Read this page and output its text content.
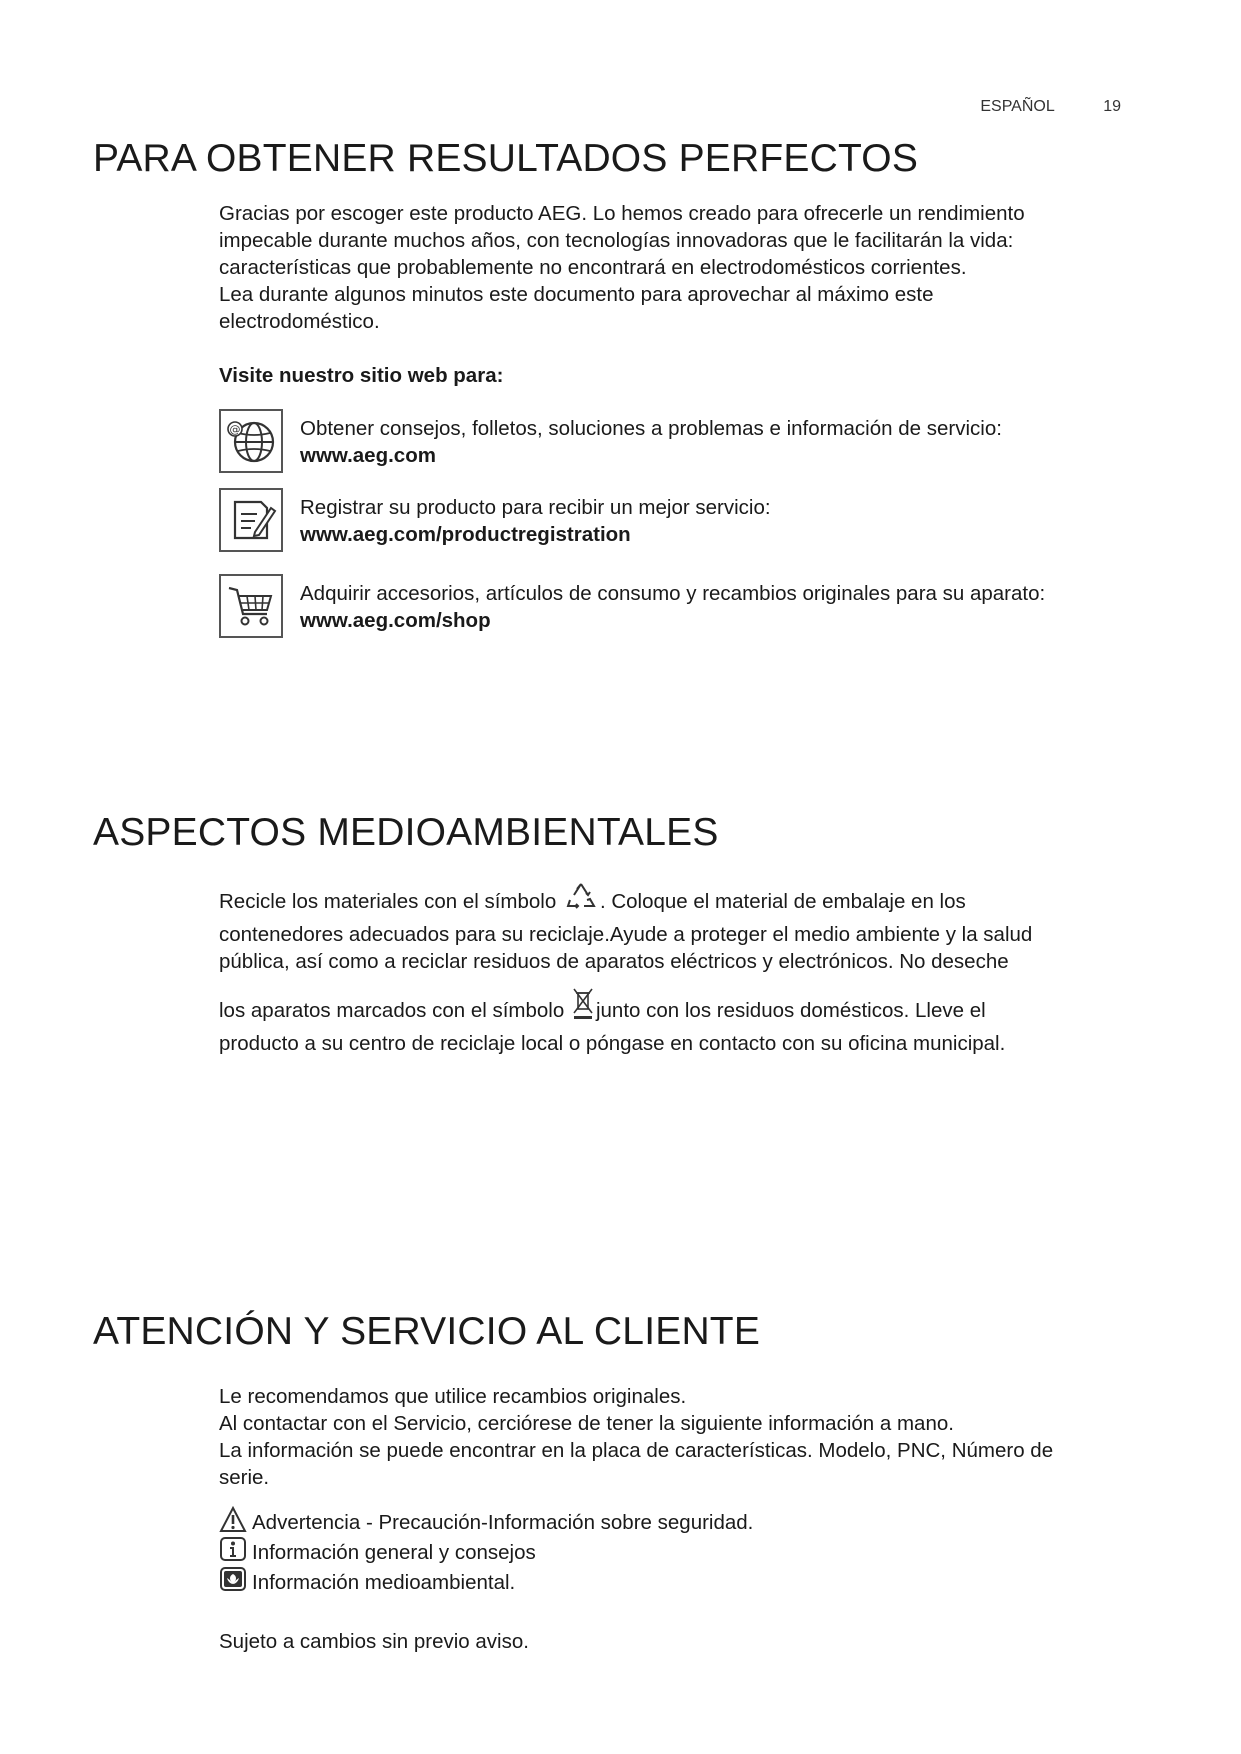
ESPAÑOL	19
PARA OBTENER RESULTADOS PERFECTOS

Gracias por escoger este producto AEG. Lo hemos creado para ofrecerle un rendimiento

impecable durante muchos años, con tecnologías innovadoras que le facilitarán la vida:

características que probablemente no encontrará en electrodomésticos corrientes.

Lea durante algunos minutos este documento para aprovechar al máximo este

electrodoméstico.

Visite nuestro sitio web para:
@	Obtener consejos, folletos, soluciones a problemas e información de servicio:
www.aeg.com
Registrar su producto para recibir un mejor servicio:
www.aeg.com/productregistration
Adquirir accesorios, artículos de consumo y recambios originales para su aparato:
www.aeg.com/shop
ASPECTOS MEDIOAMBIENTALES
Recicle los materiales con el símbolo . Coloque el material de embalaje en los
contenedores adecuados para su reciclaje.Ayude a proteger el medio ambiente y la salud
pública, así como a reciclar residuos de aparatos eléctricos y electrónicos. No deseche
los aparatos marcados con el símbolo junto con los residuos domésticos. Lleve el
producto a su centro de reciclaje local o póngase en contacto con su oficina municipal.
ATENCIÓN Y SERVICIO AL CLIENTE

Le recomendamos que utilice recambios originales.

Al contactar con el Servicio, cerciórese de tener la siguiente información a mano.

La información se puede encontrar en la placa de características. Modelo, PNC, Número de

serie.

Advertencia - Precaución-Información sobre seguridad.
Información general y consejos
Información medioambiental.
Sujeto a cambios sin previo aviso.
